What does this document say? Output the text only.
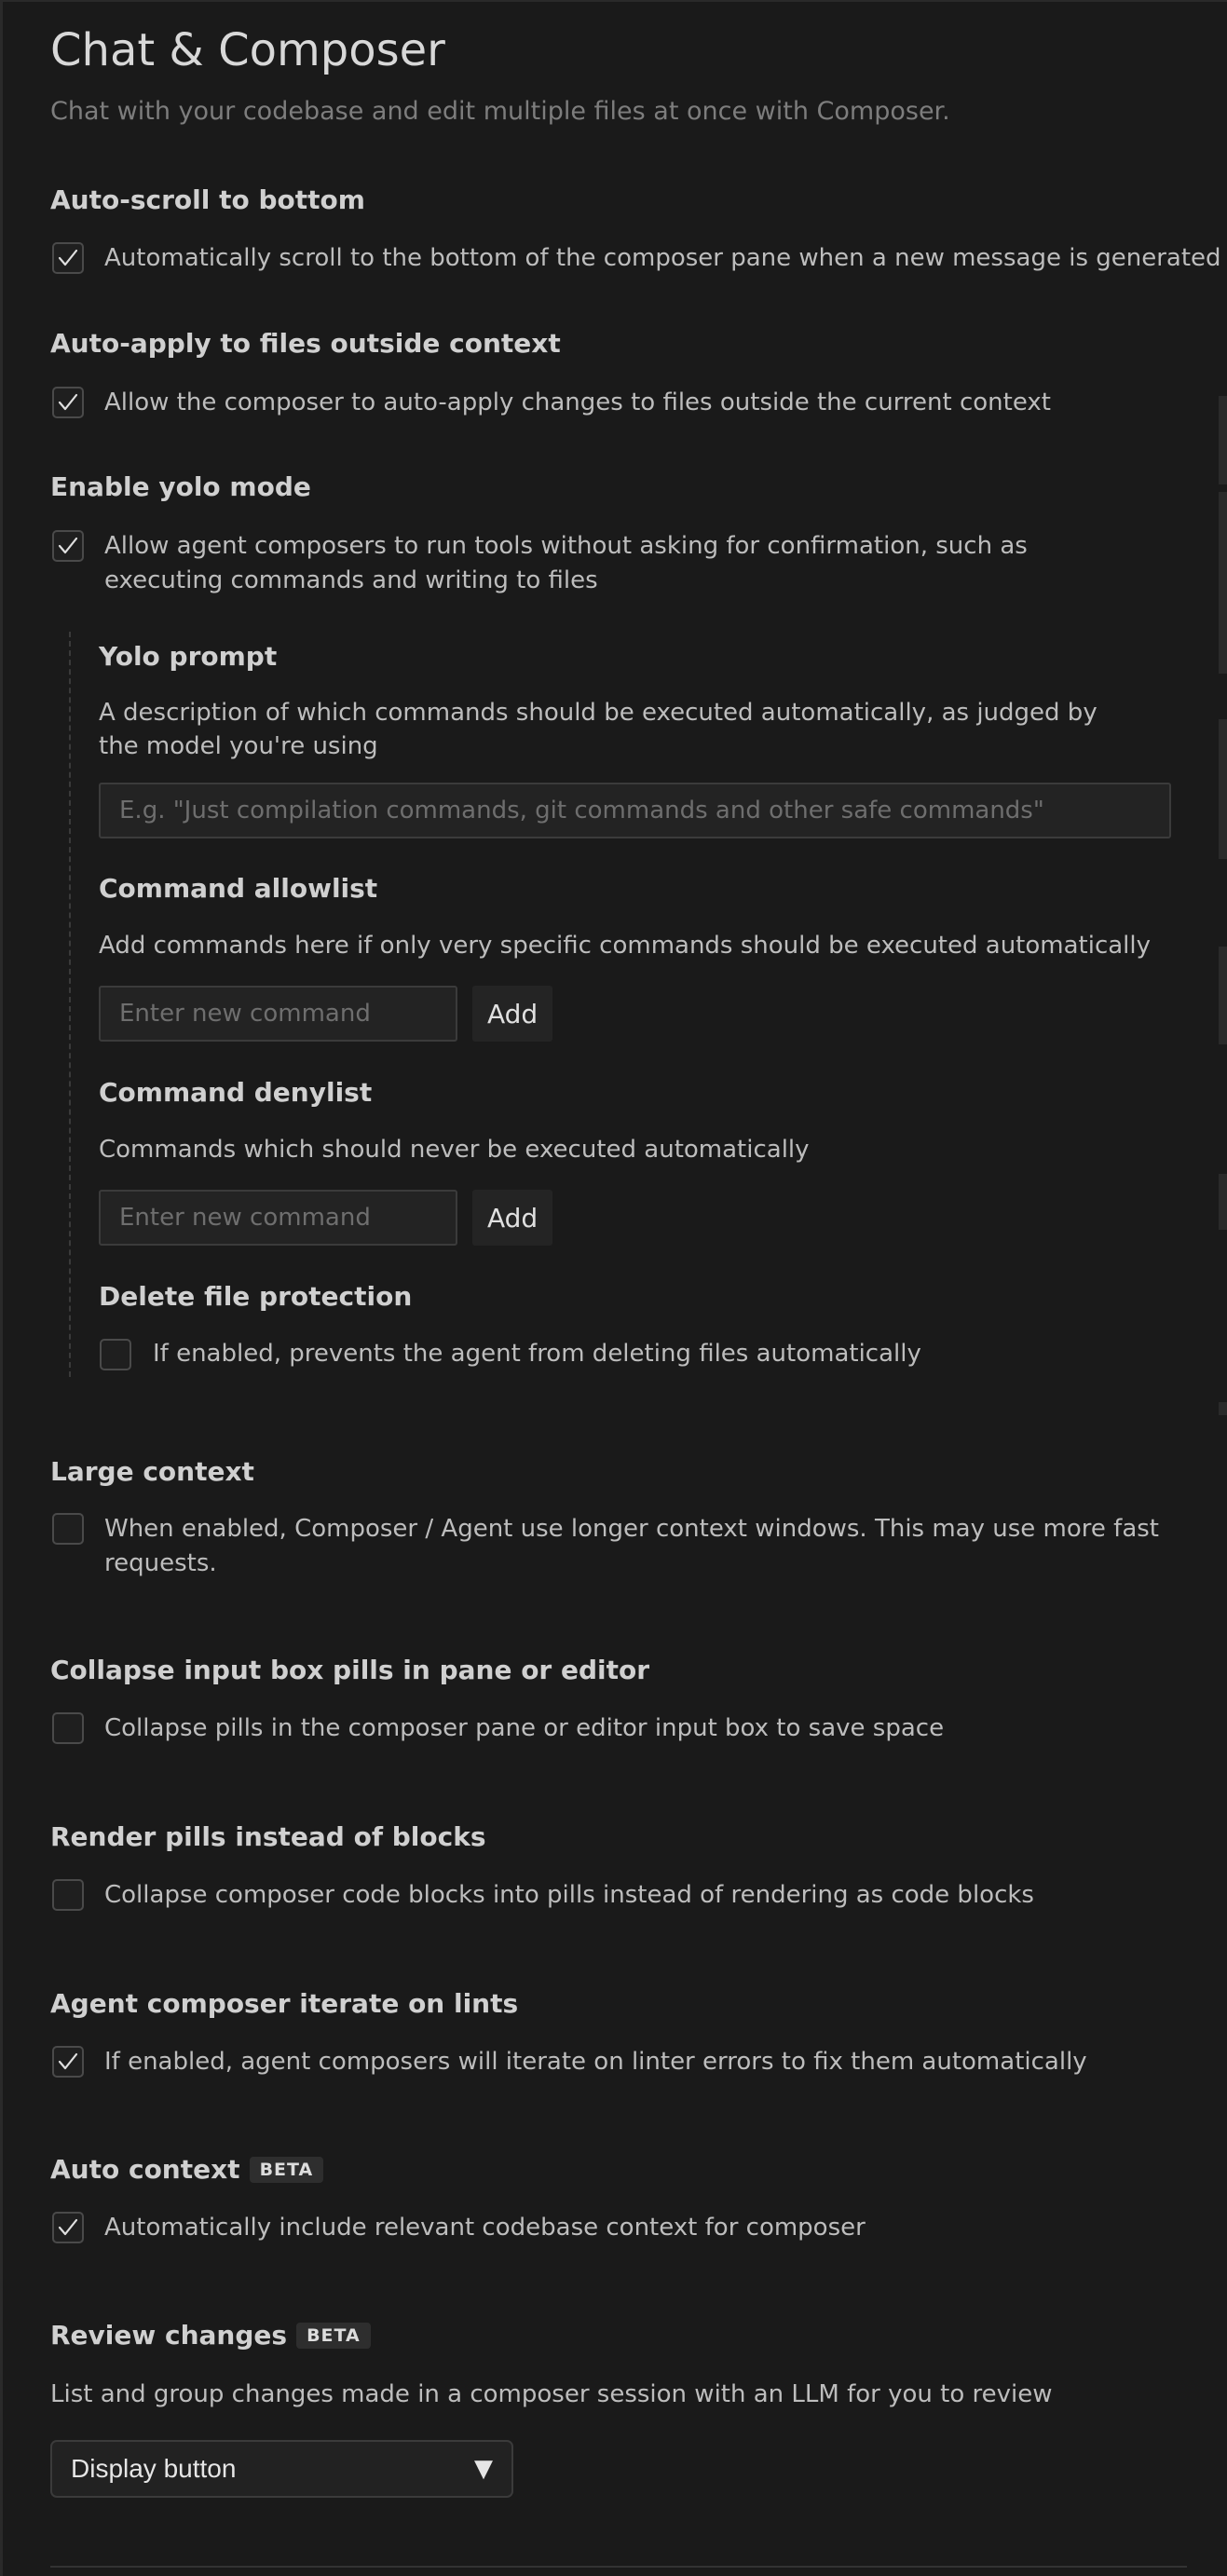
Chat & Composer
Chat with your codebase and edit multiple files at once with Composer.
Auto-scroll to bottom
Automatically scroll to the bottom of the composer pane when a new message is generated
Auto-apply to files outside context
Allow the composer to auto-apply changes to files outside the current context
Enable yolo mode
Allow agent composers to run tools without asking for confirmation, such as executing commands and writing to files
Yolo prompt
A description of which commands should be executed automatically, as judged by the model you're using
E.g. "Just compilation commands, git commands and other safe commands"
Command allowlist
Add commands here if only very specific commands should be executed automatically
Enter new command
Add
Command denylist
Commands which should never be executed automatically
Enter new command
Add
Delete file protection
If enabled, prevents the agent from deleting files automatically
Large context
When enabled, Composer / Agent use longer context windows. This may use more fast requests.
Collapse input box pills in pane or editor
Collapse pills in the composer pane or editor input box to save space
Render pills instead of blocks
Collapse composer code blocks into pills instead of rendering as code blocks
Agent composer iterate on lints
If enabled, agent composers will iterate on linter errors to fix them automatically
Auto context	BETA
Automatically include relevant codebase context for composer
Review changes	BETA
List and group changes made in a composer session with an LLM for you to review
Display button	▼
